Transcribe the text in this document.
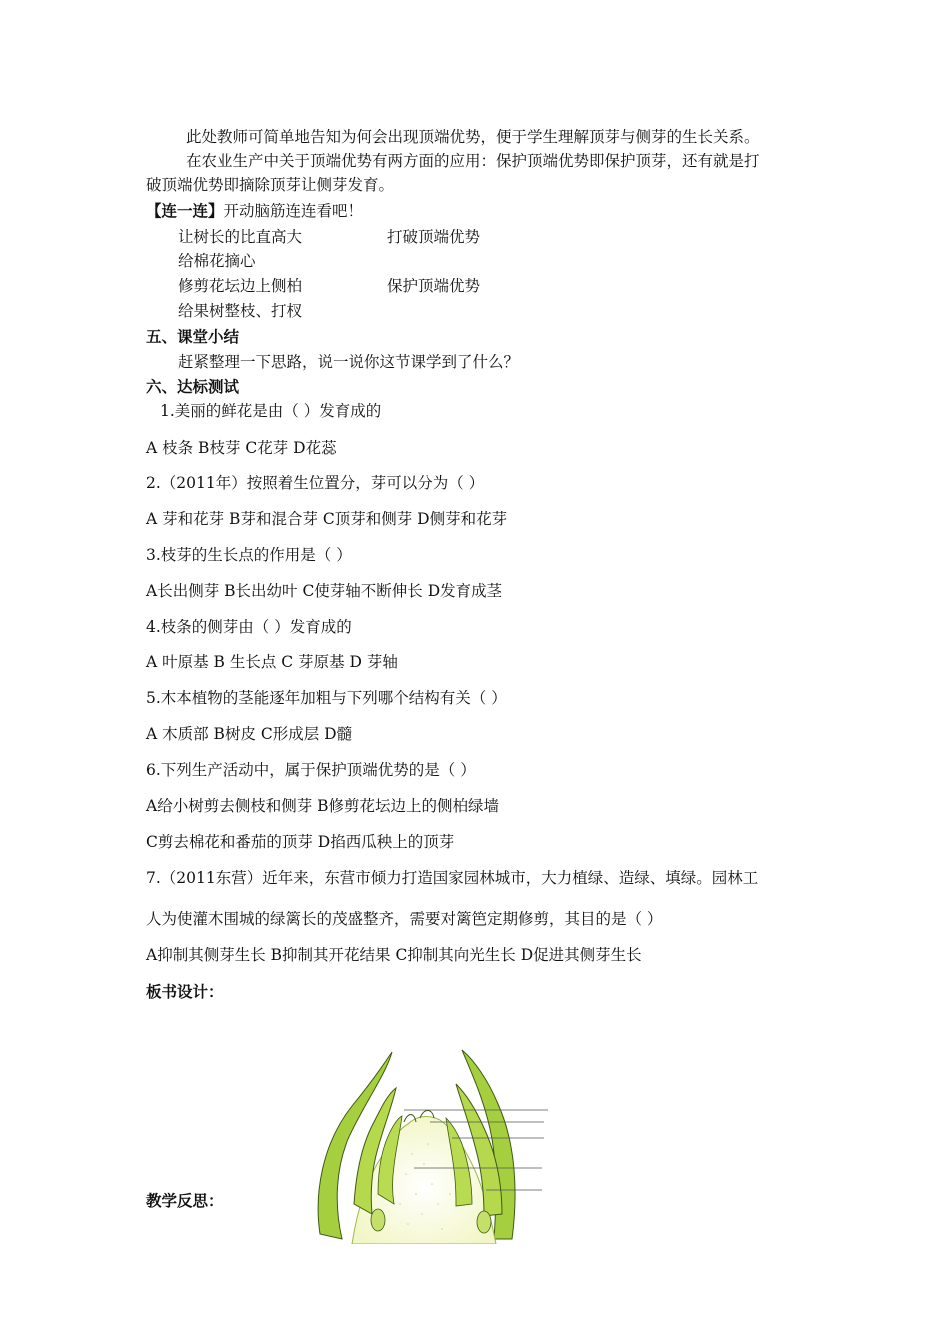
此处教师可简单地告知为何会出现顶端优势，便于学生理解顶芽与侧芽的生长关系。
在农业生产中关于顶端优势有两方面的应用：保护顶端优势即保护顶芽，还有就是打
破顶端优势即摘除顶芽让侧芽发育。
【连一连】开动脑筋连连看吧！
让树长的比直高大	打破顶端优势
给棉花摘心
修剪花坛边上侧柏	保护顶端优势
给果树整枝、打杈
五、课堂小结
赶紧整理一下思路，说一说你这节课学到了什么？
六、达标测试
1.美丽的鲜花是由（ ）发育成的
A 枝条 B枝芽 C花芽 D花蕊
2.（2011年）按照着生位置分，芽可以分为（ ）
A 芽和花芽 B芽和混合芽 C顶芽和侧芽 D侧芽和花芽
3.枝芽的生长点的作用是（ ）
A长出侧芽 B长出幼叶 C使芽轴不断伸长 D发育成茎
4.枝条的侧芽由（ ）发育成的
A 叶原基 B 生长点 C 芽原基 D 芽轴
5.木本植物的茎能逐年加粗与下列哪个结构有关（ ）
A 木质部 B树皮 C形成层 D髓
6.下列生产活动中，属于保护顶端优势的是（ ）
A给小树剪去侧枝和侧芽 B修剪花坛边上的侧柏绿墙
C剪去棉花和番茄的顶芽 D掐西瓜秧上的顶芽
7.（2011东营）近年来，东营市倾力打造国家园林城市，大力植绿、造绿、填绿。园林工
人为使灌木围城的绿篱长的茂盛整齐，需要对篱笆定期修剪，其目的是（ ）
A抑制其侧芽生长 B抑制其开花结果 C抑制其向光生长 D促进其侧芽生长
板书设计：
教学反思：
